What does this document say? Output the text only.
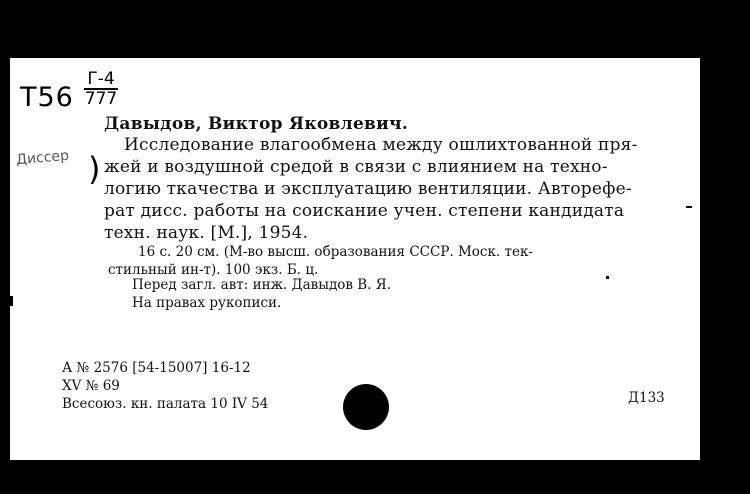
Т56
Г-4
777
Диссер )
Давыдов, Виктор Яковлевич.
Исследование влагообмена между ошлихтованной пря-
жей и воздушной средой в связи с влиянием на техно-
логию ткачества и эксплуатацию вентиляции. Авторефе-
рат дисс. работы на соискание учен. степени кандидата
техн. наук. [М.], 1954.
16 с. 20 см. (М-во высш. образования СССР. Моск. тек-
стильный ин-т). 100 экз. Б. ц.
Перед загл. авт: инж. Давыдов В. Я.
На правах рукописи.
А № 2576 [54-15007] 16-12
XV № 69
Всесоюз. кн. палата 10 IV 54	Д133
